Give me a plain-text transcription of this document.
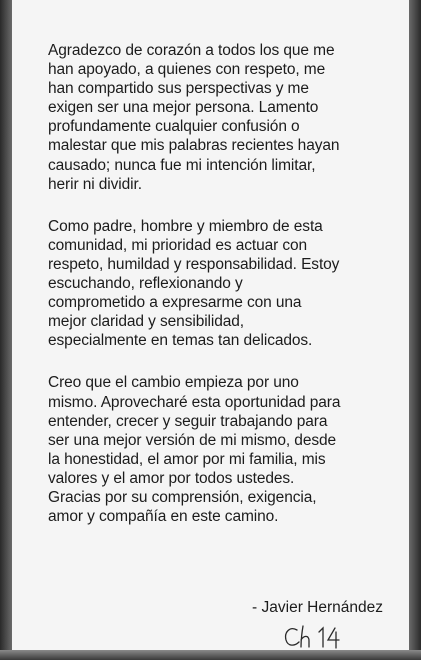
Agradezco de corazón a todos los que me
han apoyado, a quienes con respeto, me
han compartido sus perspectivas y me
exigen ser una mejor persona. Lamento
profundamente cualquier confusión o
malestar que mis palabras recientes hayan
causado; nunca fue mi intención limitar,
herir ni dividir.

Como padre, hombre y miembro de esta
comunidad, mi prioridad es actuar con
respeto, humildad y responsabilidad. Estoy
escuchando, reflexionando y
comprometido a expresarme con una
mejor claridad y sensibilidad,
especialmente en temas tan delicados.

Creo que el cambio empieza por uno
mismo. Aprovecharé esta oportunidad para
entender, crecer y seguir trabajando para
ser una mejor versión de mi mismo, desde
la honestidad, el amor por mi familia, mis
valores y el amor por todos ustedes.
Gracias por su comprensión, exigencia,
amor y compañía en este camino.

- Javier Hernández
